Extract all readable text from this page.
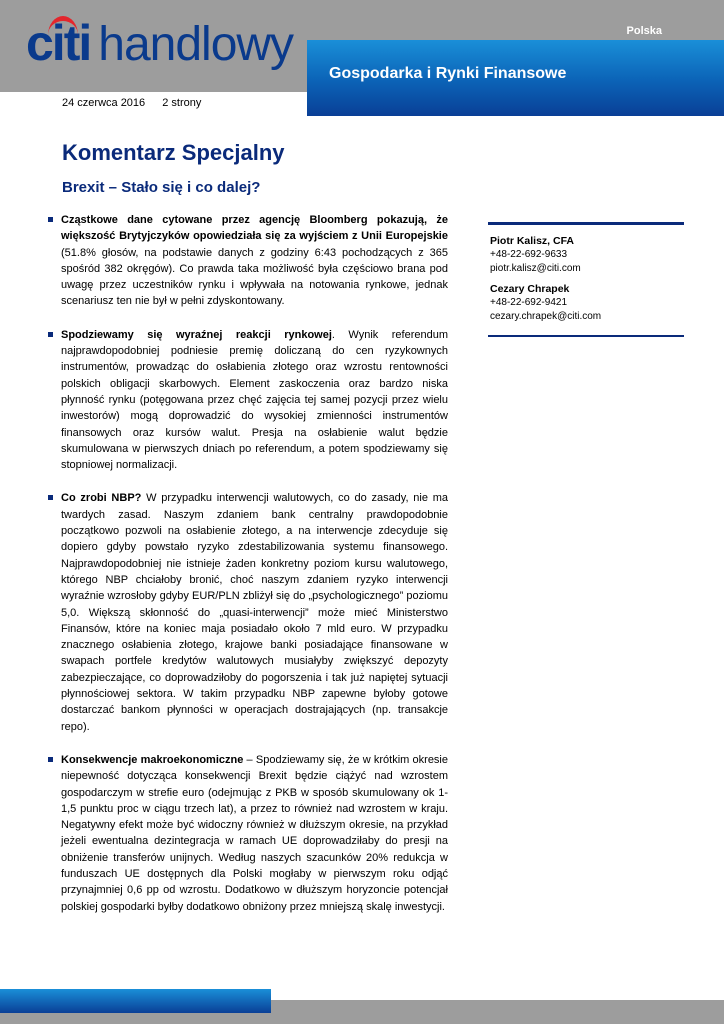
citi handlowy	Polska
Gospodarka i Rynki Finansowe
24 czerwca 2016 2 strony
Komentarz Specjalny
Brexit – Stało się i co dalej?
Cząstkowe dane cytowane przez agencję Bloomberg pokazują, że większość Brytyjczyków opowiedziała się za wyjściem z Unii Europejskie (51.8% głosów, na podstawie danych z godziny 6:43 pochodzących z 365 spośród 382 okręgów). Co prawda taka możliwość była częściowo brana pod uwagę przez uczestników rynku i wpływała na notowania rynkowe, jednak scenariusz ten nie był w pełni zdyskontowany.
Spodziewamy się wyraźnej reakcji rynkowej. Wynik referendum najprawdopodobniej podniesie premię doliczaną do cen ryzykownych instrumentów, prowadząc do osłabienia złotego oraz wzrostu rentowności polskich obligacji skarbowych. Element zaskoczenia oraz bardzo niska płynność rynku (potęgowana przez chęć zajęcia tej samej pozycji przez wielu inwestorów) mogą doprowadzić do wysokiej zmienności instrumentów finansowych oraz kursów walut. Presja na osłabienie walut będzie skumulowana w pierwszych dniach po referendum, a potem spodziewamy się stopniowej normalizacji.
Co zrobi NBP? W przypadku interwencji walutowych, co do zasady, nie ma twardych zasad. Naszym zdaniem bank centralny prawdopodobnie początkowo pozwoli na osłabienie złotego, a na interwencje zdecyduje się dopiero gdyby powstało ryzyko zdestabilizowania systemu finansowego. Najprawdopodobniej nie istnieje żaden konkretny poziom kursu walutowego, którego NBP chciałoby bronić, choć naszym zdaniem ryzyko interwencji wyraźnie wzrosłoby gdyby EUR/PLN zbliżył się do „psychologicznego” poziomu 5,0. Większą skłonność do „quasi-interwencji” może mieć Ministerstwo Finansów, które na koniec maja posiadało około 7 mld euro. W przypadku znacznego osłabienia złotego, krajowe banki posiadające finansowane w swapach portfele kredytów walutowych musiałyby zwiększyć depozyty zabezpieczające, co doprowadziłoby do pogorszenia i tak już napiętej sytuacji płynnościowej sektora. W takim przypadku NBP zapewne byłoby gotowe dostarczać bankom płynności w operacjach dostrajających (np. transakcje repo).
Konsekwencje makroekonomiczne – Spodziewamy się, że w krótkim okresie niepewność dotycząca konsekwencji Brexit będzie ciążyć nad wzrostem gospodarczym w strefie euro (odejmując z PKB w sposób skumulowany ok 1-1,5 punktu proc w ciągu trzech lat), a przez to również nad wzrostem w kraju. Negatywny efekt może być widoczny również w dłuższym okresie, na przykład jeżeli ewentualna dezintegracja w ramach UE doprowadziłaby do presji na obniżenie transferów unijnych. Według naszych szacunków 20% redukcja w funduszach UE dostępnych dla Polski mogłaby w pierwszym roku odjąć przynajmniej 0,6 pp od wzrostu. Dodatkowo w dłuższym horyzoncie potencjał polskiej gospodarki byłby dodatkowo obniżony przez mniejszą skalę inwestycji.
Piotr Kalisz, CFA
+48-22-692-9633
piotr.kalisz@citi.com
Cezary Chrapek
+48-22-692-9421
cezary.chrapek@citi.com
